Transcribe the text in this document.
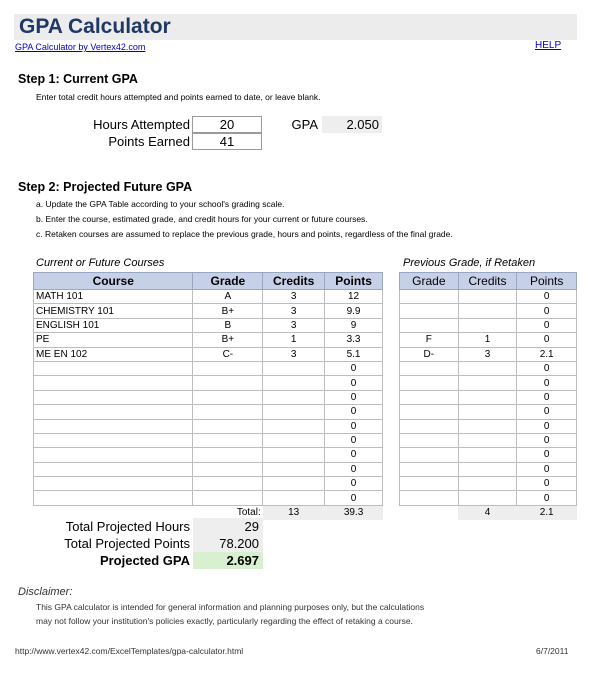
GPA Calculator
GPA Calculator by Vertex42.com	HELP
Step 1: Current GPA
Enter total credit hours attempted and points earned to date, or leave blank.
Hours Attempted	20
Points Earned	41
GPA	2.050
Step 2: Projected Future GPA
a. Update the GPA Table according to your school's grading scale.
b. Enter the course, estimated grade, and credit hours for your current or future courses.
c. Retaken courses are assumed to replace the previous grade, hours and points, regardless of the final grade.
Current or Future Courses	Previous Grade, if Retaken
Course	Grade	Credits	Points
MATH 101	A	3	12
CHEMISTRY 101	B+	3	9.9
ENGLISH 101	B	3	9
PE	B+	1	3.3
ME EN 102	C-	3	5.1
			0
			0
			0
			0
			0
			0
			0
			0
			0
			0
	Total:	13	39.3
Grade	Credits	Points
		0
		0
		0
F	1	0
D-	3	2.1
		0
		0
		0
		0
		0
		0
		0
		0
		0
		0
	4	2.1
Total Projected Hours	29
Total Projected Points	78.200
Projected GPA	2.697
Disclaimer:
This GPA calculator is intended for general information and planning purposes only, but the calculations
may not follow your institution's policies exactly, particularly regarding the effect of retaking a course.
http://www.vertex42.com/ExcelTemplates/gpa-calculator.html	6/7/2011
